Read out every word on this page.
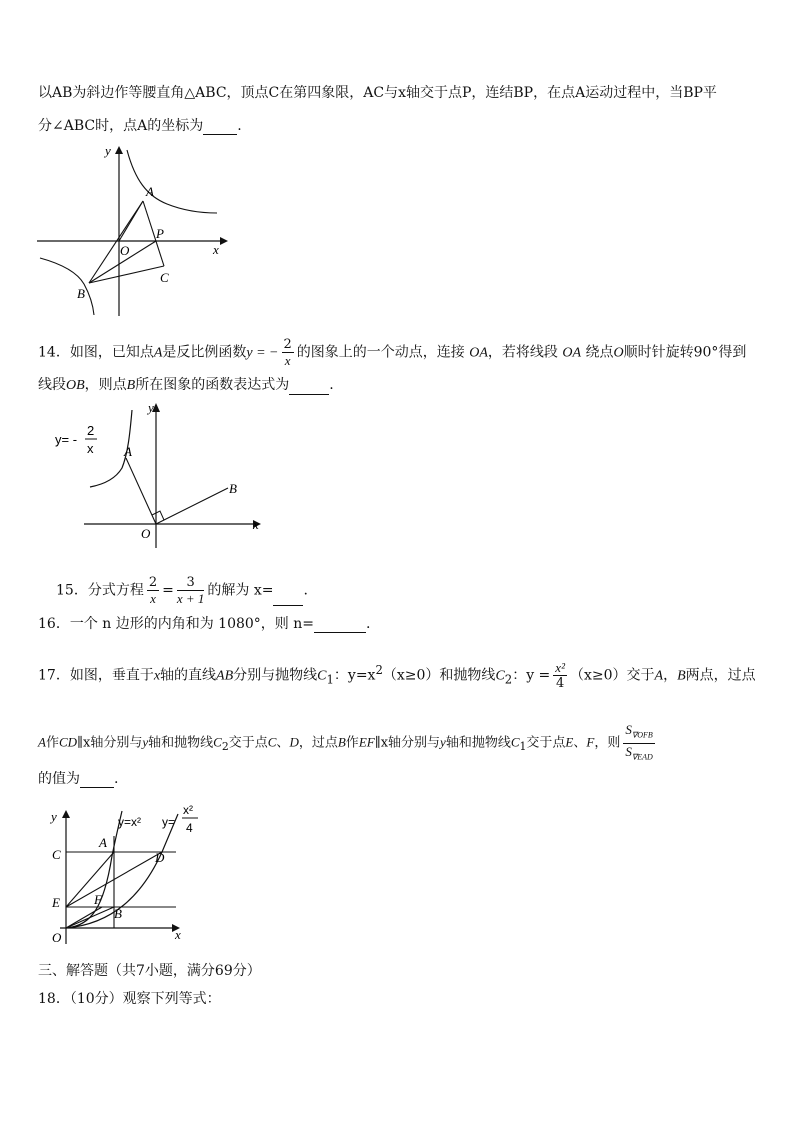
以AB为斜边作等腰直角△ABC，顶点C在第四象限，AC与x轴交于点P，连结BP，在点A运动过程中，当BP平
分∠ABC时，点A的坐标为 .
y
x
A
O
P
C
B
14．如图，已知点A是反比例函数y = − $\frac{2}{x}$ 的图象上的一个动点，连接 OA，若将线段 OA 绕点O顺时针旋转90°得到
线段OB，则点B所在图象的函数表达式为	.
y= -
2
x
y
x
A
B
O
15．分式方程 $\frac{2}{x} = \frac{3}{x + 1}$ 的解为 x= .
16．一个 n 边形的内角和为 1080°，则 n=	.
17．如图，垂直于x轴的直线AB分别与抛物线$C_1$：$y=x^2(x\ge 0)$和抛物线$C_2$：$y = \frac{\text{x²}}{4} (x\ge 0)$交于A，B两点，过点
A作CD∥x轴分别与y轴和抛物线$C_2$交于点C、D，过点B作EF∥x轴分别与y轴和抛物线$C_1$交于点E、F，则 $\frac{S_{\nabla OFB}}{S_{\nabla EAD}}$
的值为 .
y
x
O
C
E
A
D
F
B
y=x² y=
x²
4
三、解答题（共7小题，满分69分）
18．（10分）观察下列等式：
